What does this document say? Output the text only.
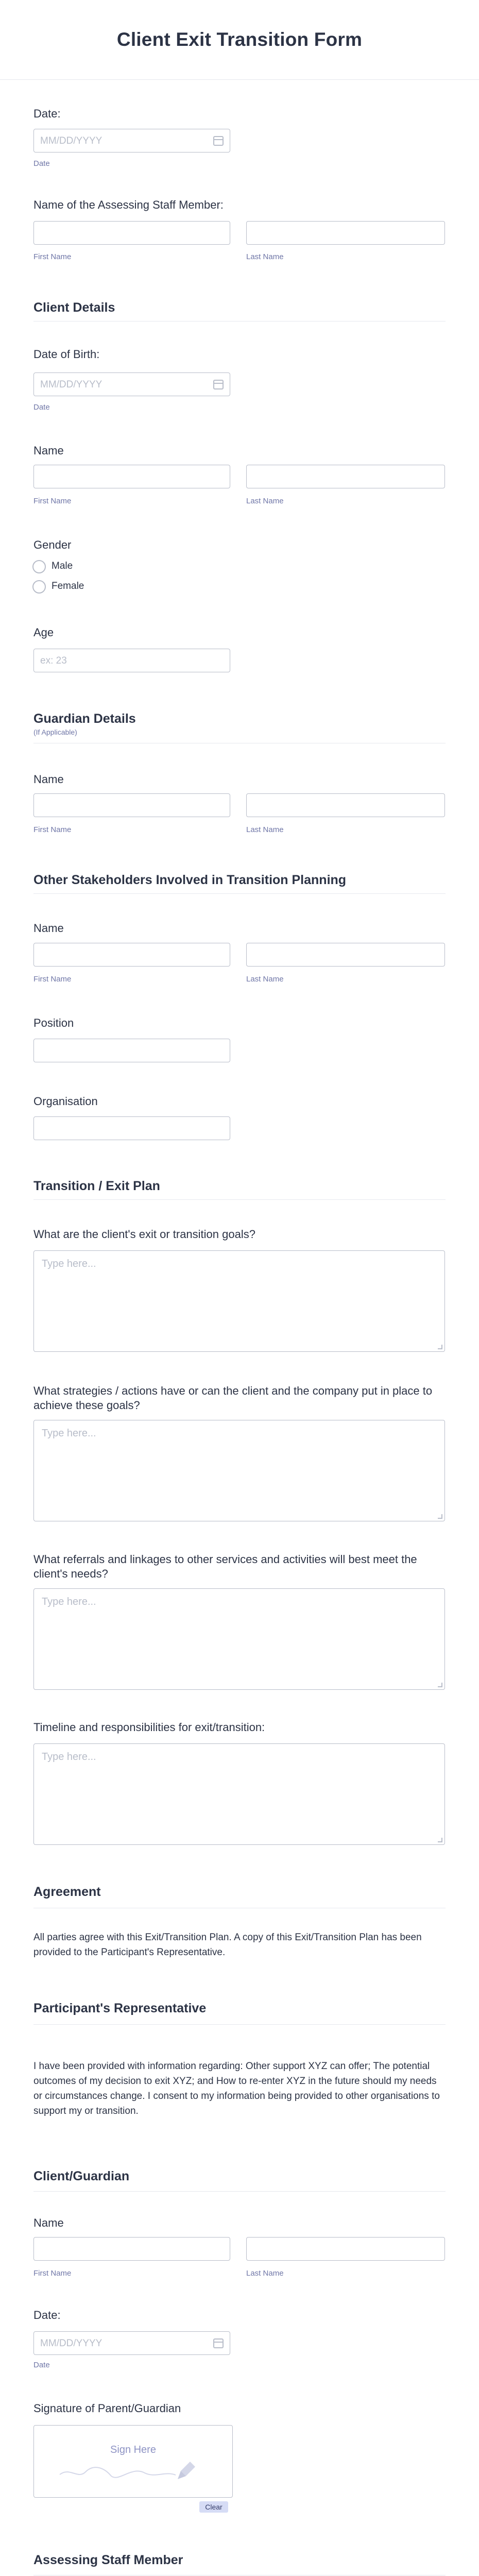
Client Exit Transition Form
Date:
MM/DD/YYYY
Date
Name of the Assessing Staff Member:
First Name	Last Name
Client Details
Date of Birth:
MM/DD/YYYY
Date
Name
First Name	Last Name
Gender
Male
Female
Age
ex: 23
Guardian Details
(If Applicable)
Name
First Name	Last Name
Other Stakeholders Involved in Transition Planning
Name
First Name	Last Name
Position
Organisation
Transition / Exit Plan
What are the client's exit or transition goals?
Type here...
What strategies / actions have or can the client and the company put in place to achieve these goals?
Type here...
What referrals and linkages to other services and activities will best meet the client's needs?
Type here...
Timeline and responsibilities for exit/transition:
Type here...
Agreement
All parties agree with this Exit/Transition Plan. A copy of this Exit/Transition Plan has been provided to the Participant's Representative.
Participant's Representative
I have been provided with information regarding: Other support XYZ can offer; The potential outcomes of my decision to exit XYZ; and How to re-enter XYZ in the future should my needs or circumstances change. I consent to my information being provided to other organisations to support my or transition.
Client/Guardian
Name
First Name	Last Name
Date:
MM/DD/YYYY
Date
Signature of Parent/Guardian
Sign Here
Clear
Assessing Staff Member
